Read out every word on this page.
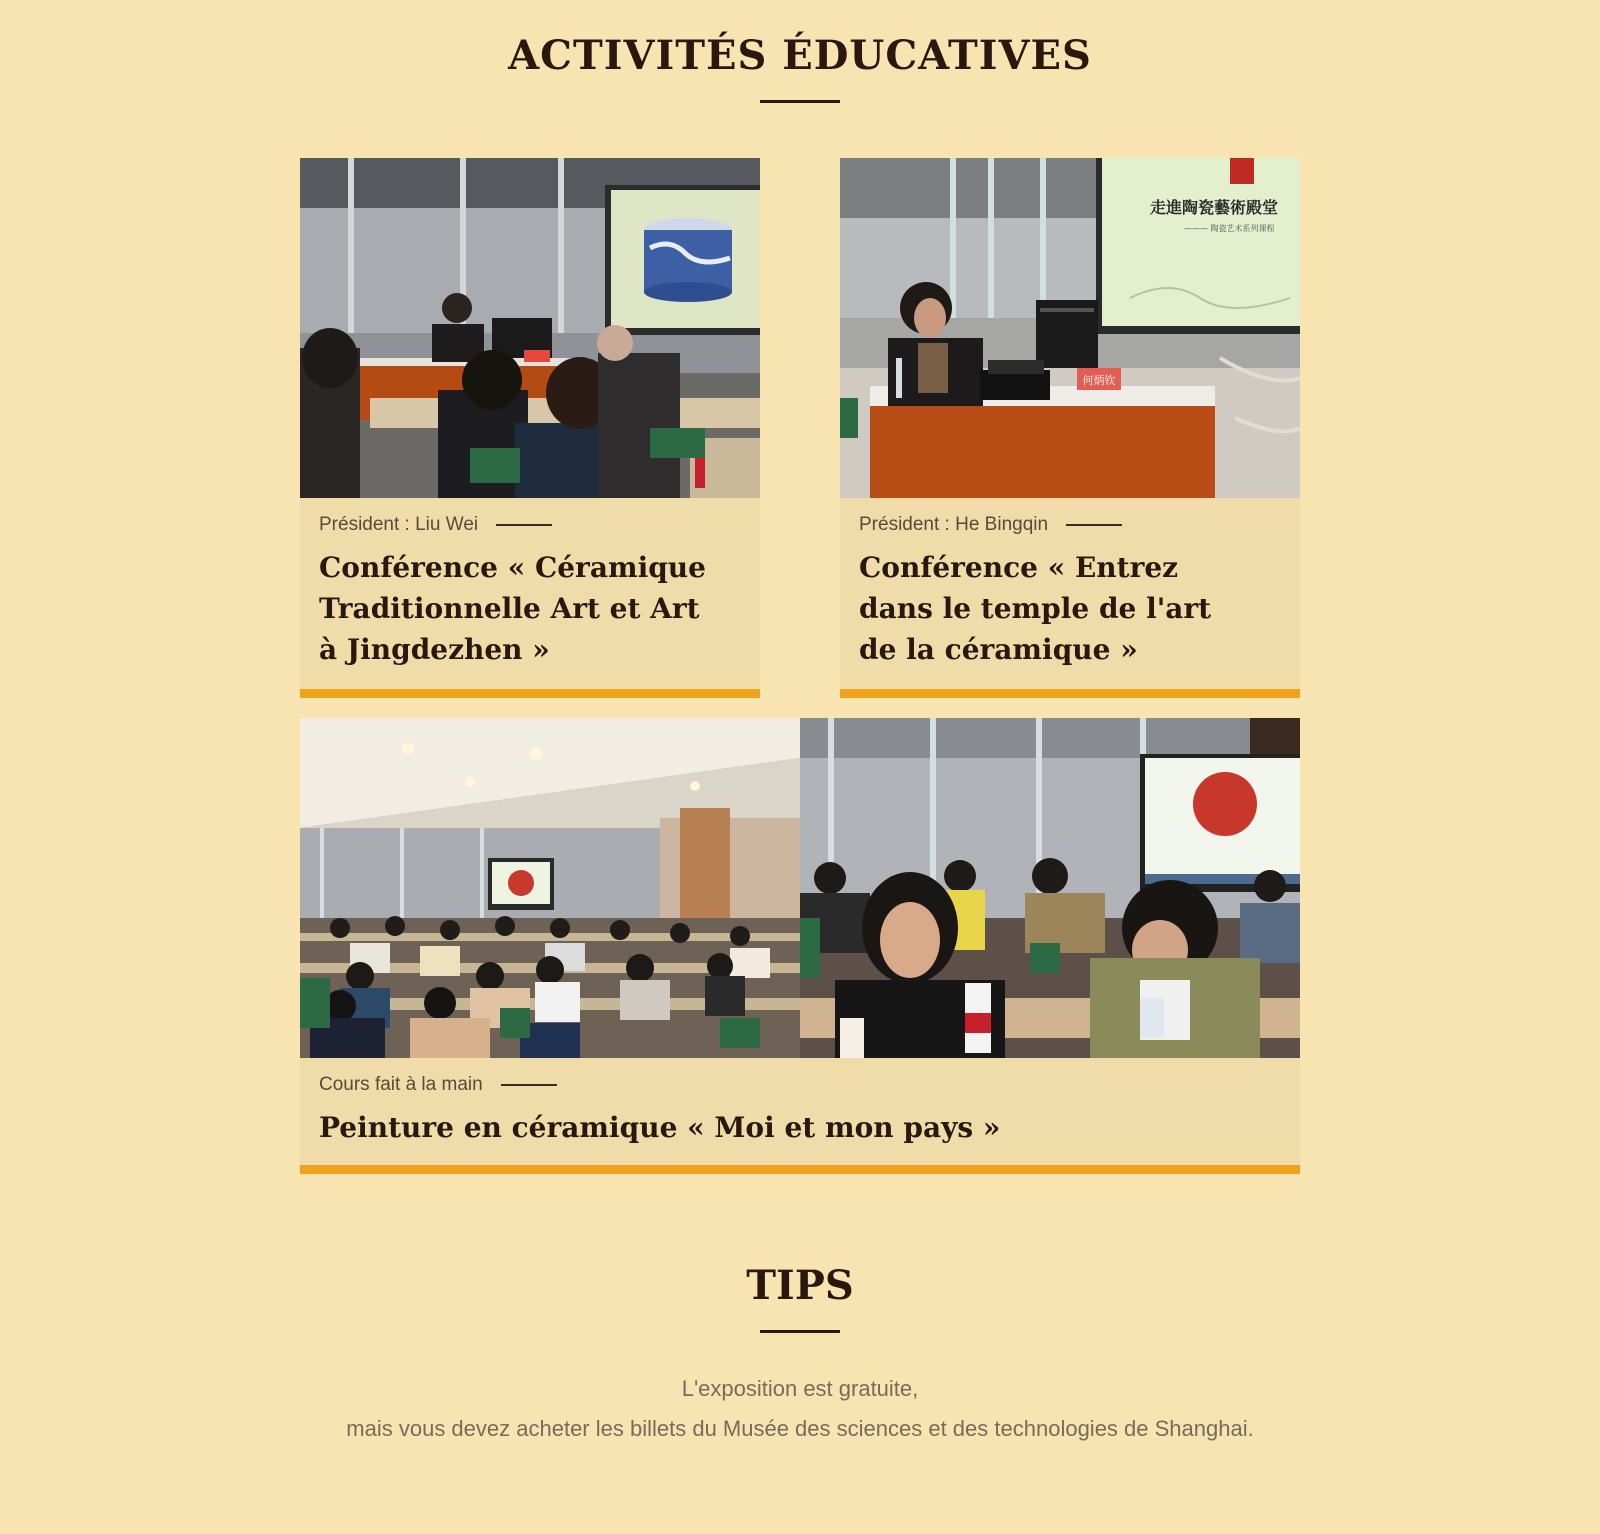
ACTIVITÉS ÉDUCATIVES
Président : Liu Wei
Conférence « Céramique Traditionnelle Art et Art à Jingdezhen »
走進陶瓷藝術殿堂
——— 陶瓷艺术系列课程
何炳钦
Président : He Bingqin
Conférence « Entrez dans le temple de l'art de la céramique »
Cours fait à la main
Peinture en céramique « Moi et mon pays »
TIPS

L'exposition est gratuite,

mais vous devez acheter les billets du Musée des sciences et des technologies de Shanghai.
